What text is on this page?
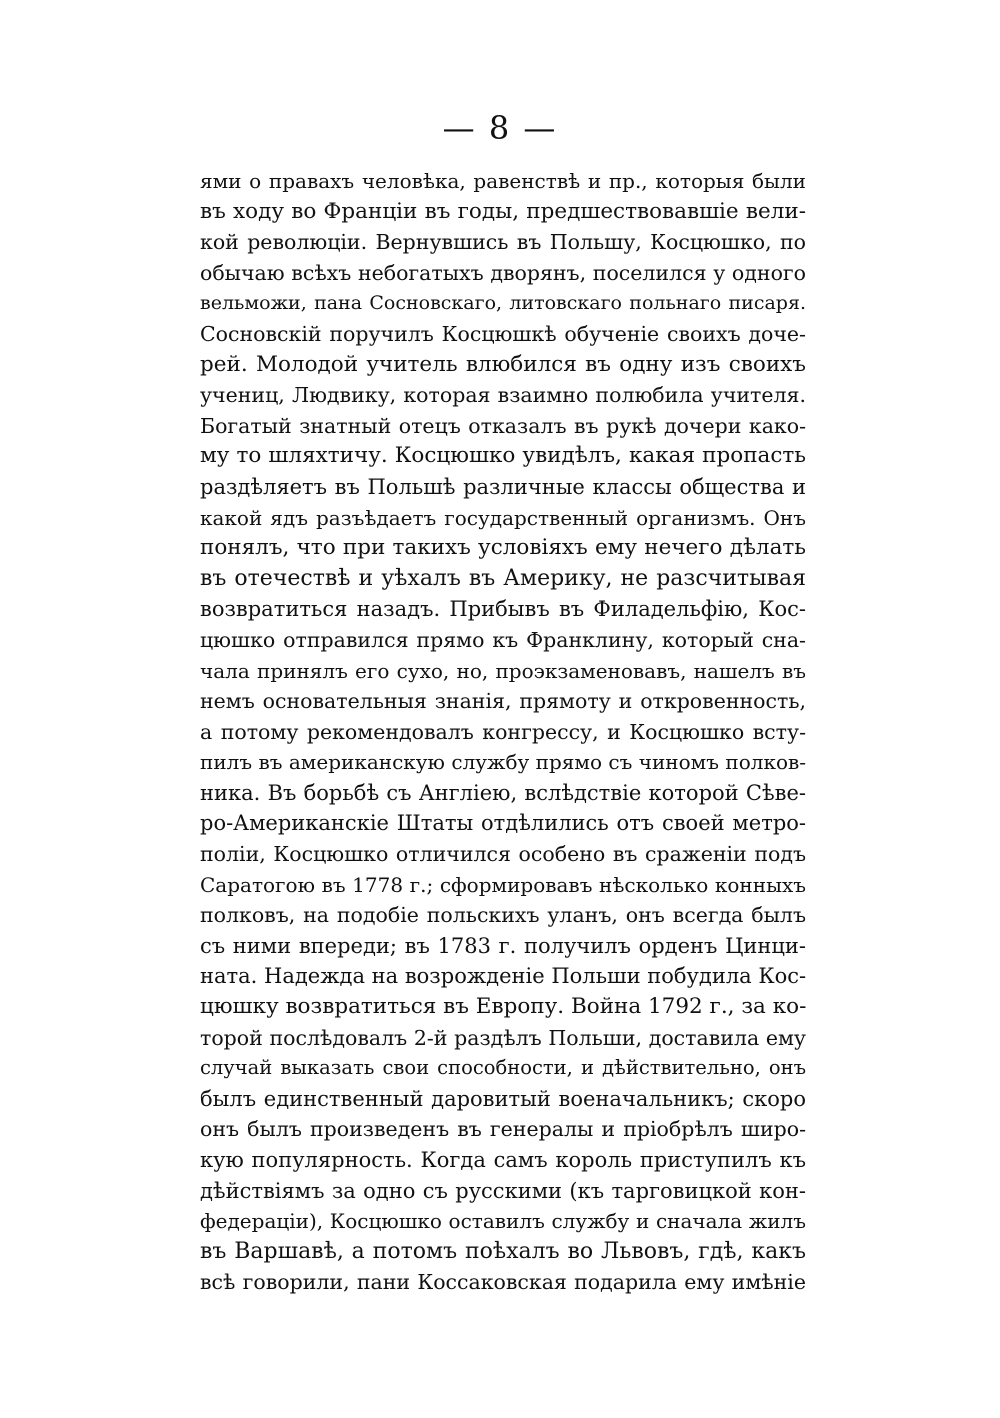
— 8 —
ями о правахъ человѣка, равенствѣ и пр., которыя были
въ ходу во Франціи въ годы, предшествовавшіе вели-
кой революціи. Вернувшись въ Польшу, Косцюшко, по
обычаю всѣхъ небогатыхъ дворянъ, поселился у одного
вельможи, пана Сосновскаго, литовскаго польнаго писаря.
Сосновскій поручилъ Косцюшкѣ обученіе своихъ доче-
рей. Молодой учитель влюбился въ одну изъ своихъ
учениц, Людвику, которая взаимно полюбила учителя.
Богатый знатный отецъ отказалъ въ рукѣ дочери како-
му то шляхтичу. Косцюшко увидѣлъ, какая пропасть
раздѣляетъ въ Польшѣ различные классы общества и
какой ядъ разъѣдаетъ государственный организмъ. Онъ
понялъ, что при такихъ условіяхъ ему нечего дѣлать
въ отечествѣ и уѣхалъ въ Америку, не разсчитывая
возвратиться назадъ. Прибывъ въ Филадельфію, Кос-
цюшко отправился прямо къ Франклину, который сна-
чала принялъ его сухо, но, проэкзаменовавъ, нашелъ въ
немъ основательныя знанія, прямоту и откровенность,
а потому рекомендовалъ конгрессу, и Косцюшко всту-
пилъ въ американскую службу прямо съ чиномъ полков-
ника. Въ борьбѣ съ Англіею, вслѣдствіе которой Сѣве-
ро-Американскіе Штаты отдѣлились отъ своей метро-
поліи, Косцюшко отличился особено въ сраженіи подъ
Саратогою въ 1778 г.; сформировавъ нѣсколько конныхъ
полковъ, на подобіе польскихъ уланъ, онъ всегда былъ
съ ними впереди; въ 1783 г. получилъ орденъ Цинци-
ната. Надежда на возрожденіе Польши побудила Кос-
цюшку возвратиться въ Европу. Война 1792 г., за ко-
торой послѣдовалъ 2-й раздѣлъ Польши, доставила ему
случай выказать свои способности, и дѣйствительно, онъ
былъ единственный даровитый военачальникъ; скоро
онъ былъ произведенъ въ генералы и пріобрѣлъ широ-
кую популярность. Когда самъ король приступилъ къ
дѣйствіямъ за одно съ русскими (къ тарговицкой кон-
федераціи), Косцюшко оставилъ службу и сначала жилъ
въ Варшавѣ, а потомъ поѣхалъ во Львовъ, гдѣ, какъ
всѣ говорили, пани Коссаковская подарила ему имѣніе
